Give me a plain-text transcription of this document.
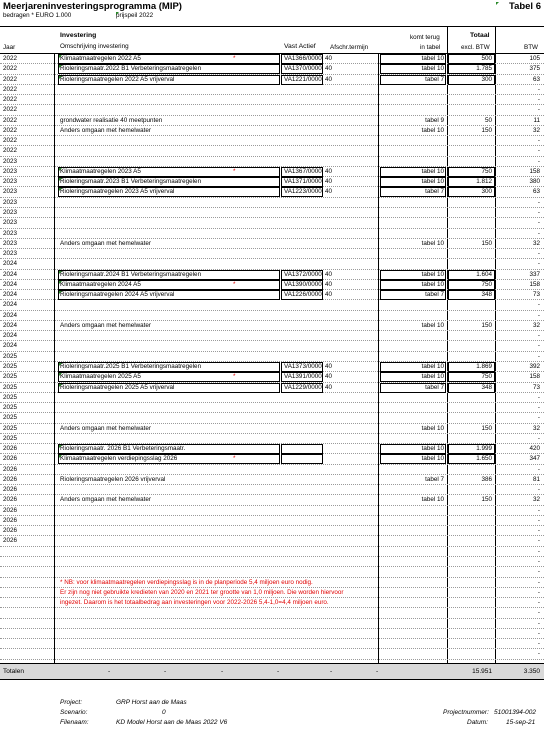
Meerjareninvesteringsprogramma (MIP)	Tabel 6
bedragen * EURO 1.000	prijspeil 2022
Investering
Jaar	Omschrijving investering	Vast Actief Afschr.termijn
komt terug
in tabel
Totaal
excl. BTW	BTW
2022	Klimaatmaatregelen 2022 A5	VA1366/0000 40	tabel 10	500	105
*
2022	Rioleringsmaatr.2022 B1 Verbeteringsmaatregelen	VA1370/0000 40	tabel 10	1.785	375
2022	Rioleringsmaatregelen 2022 A5 vrijverval	VA1221/0000 40	tabel 7	300	63
2022	-
2022	-
2022	-
2022	grondwater realisatie 40 meetpunten	tabel 9	50	11
2022	Anders omgaan met hemelwater	tabel 10	150	32
2022	-
2022	-
2023	-
2023	Klimaatmaatregelen 2023 A5	VA1367/0000 40	tabel 10	750	158
*
2023	Rioleringsmaatr.2023 B1 Verbeteringsmaatregelen	VA1371/0000 40	tabel 10	1.812	380
2023	Rioleringsmaatregelen 2023 A5 vrijverval	VA1223/0000 40	tabel 7	300	63
2023	-
2023	-
2023	-
2023	-
2023	Anders omgaan met hemelwater	tabel 10	150	32
2023	-
2024	-
2024	Rioleringsmaatr.2024 B1 Verbeteringsmaatregelen	VA1372/0000 40	tabel 10	1.604	337
2024	Klimaatmaatregelen 2024 A5	VA1390/0000 40	tabel 10	750	158
*
2024	Rioleringsmaatregelen 2024 A5 vrijverval	VA1226/0000 40	tabel 7	348	73
2024	-
2024	-
2024	Anders omgaan met hemelwater	tabel 10	150	32
2024	-
2024	-
2025	-
2025	Rioleringsmaatr.2025 B1 Verbeteringsmaatregelen	VA1373/0000 40	tabel 10	1.869	392
2025	Klimaatmaatregelen 2025 A5	VA1391/0000 40	tabel 10	750	158
*
2025	Rioleringsmaatregelen 2025 A5 vrijverval	VA1229/0000 40	tabel 7	348	73
2025	-
2025	-
2025	-
2025	Anders omgaan met hemelwater	tabel 10	150	32
2025	-
2026	Rioleringsmaatr. 2026 B1 Verbeteringsmaatr.	tabel 10	1.999	420
2026	Klimaatmaatregelen verdiepingsslag 2026	tabel 10	1.650	347
*
2026	-
2026	Rioleringsmaatregelen 2026 vrijverval	tabel 7	386	81
2026	-
2026	Anders omgaan met hemelwater	tabel 10	150	32
2026	-
2026	-
2026	-
2026	-
-
-
-
* NB: voor klimaatmaatregelen verdiepingsslag is in de planperiode 5,4 miljoen euro nodig.	-
Er zijn nog niet gebruikte kredieten van 2020 en 2021 ter grootte van 1,0 miljoen. Die worden hiervoor	-
ingezet. Daarom is het totaalbedrag aan investeringen voor 2022-2026 5,4-1,0=4,4 miljoen euro.	-
-
-
-
-
-
Totalen	-	-	-	-	-	-	15.951	3.350
Project:	GRP Horst aan de Maas
Scenario:	0
Filenaam:	KD Model Horst aan de Maas 2022 V6
Projectnummer: 51001394-002
Datum:	15-sep-21
